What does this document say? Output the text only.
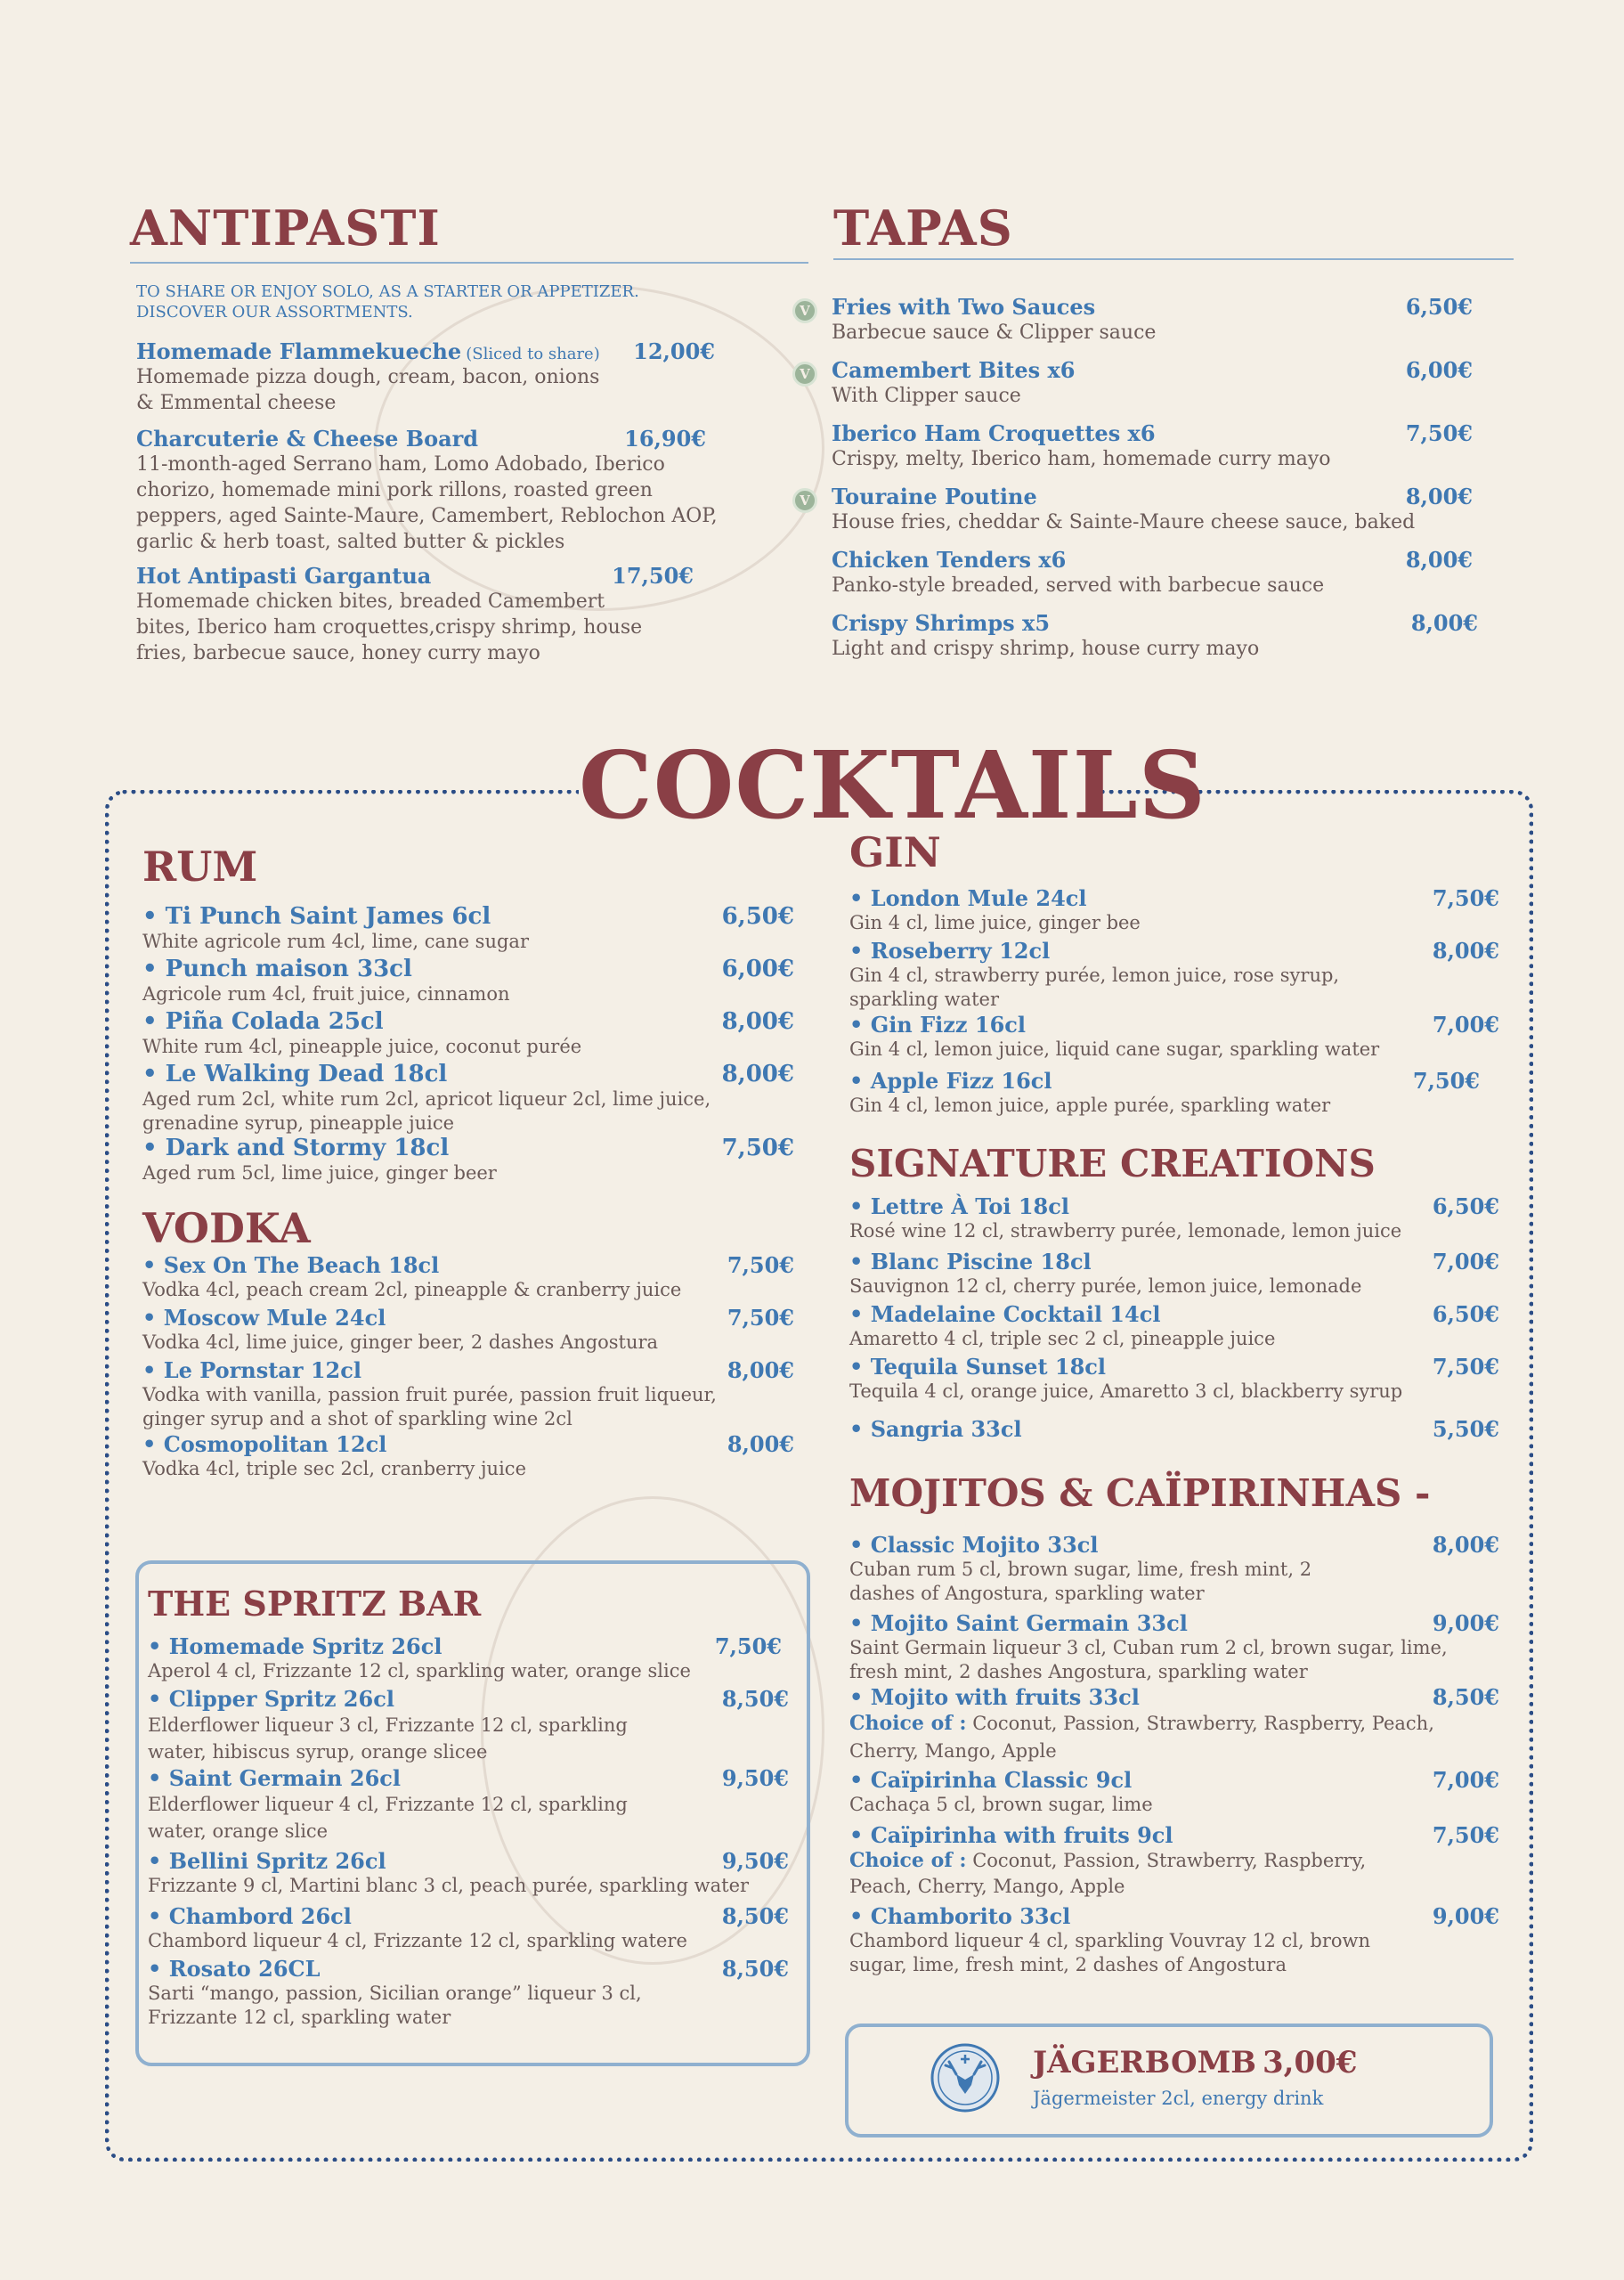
ANTIPASTI
TO SHARE OR ENJOY SOLO, AS A STARTER OR APPETIZER. DISCOVER OUR ASSORTMENTS.
Homemade Flammekueche (Sliced to share) 12,00€
Homemade pizza dough, cream, bacon, onions & Emmental cheese
Charcuterie & Cheese Board	16,90€
11-month-aged Serrano ham, Lomo Adobado, Iberico chorizo, homemade mini pork rillons, roasted green peppers, aged Sainte-Maure, Camembert, Reblochon AOP, garlic & herb toast, salted butter & pickles
Hot Antipasti Gargantua	17,50€
Homemade chicken bites, breaded Camembert bites, Iberico ham croquettes,crispy shrimp, house fries, barbecue sauce, honey curry mayo
TAPAS
V	Fries with Two Sauces	6,50€
Barbecue sauce & Clipper sauce
V	Camembert Bites x6	6,00€
With Clipper sauce
Iberico Ham Croquettes x6	7,50€
Crispy, melty, Iberico ham, homemade curry mayo
V	Touraine Poutine	8,00€
House fries, cheddar & Sainte-Maure cheese sauce, baked
Chicken Tenders x6	8,00€
Panko-style breaded, served with barbecue sauce
Crispy Shrimps x5	8,00€
Light and crispy shrimp, house curry mayo
COCKTAILS
RUM
• Ti Punch Saint James 6cl	6,50€
White agricole rum 4cl, lime, cane sugar
• Punch maison 33cl	6,00€
Agricole rum 4cl, fruit juice, cinnamon
• Piña Colada 25cl	8,00€
White rum 4cl, pineapple juice, coconut purée
• Le Walking Dead 18cl	8,00€
Aged rum 2cl, white rum 2cl, apricot liqueur 2cl, lime juice, grenadine syrup, pineapple juice
• Dark and Stormy 18cl	7,50€
Aged rum 5cl, lime juice, ginger beer
VODKA
• Sex On The Beach 18cl	7,50€
Vodka 4cl, peach cream 2cl, pineapple & cranberry juice
• Moscow Mule 24cl	7,50€
Vodka 4cl, lime juice, ginger beer, 2 dashes Angostura
• Le Pornstar 12cl	8,00€
Vodka with vanilla, passion fruit purée, passion fruit liqueur, ginger syrup and a shot of sparkling wine 2cl
• Cosmopolitan 12cl	8,00€
Vodka 4cl, triple sec 2cl, cranberry juice
THE SPRITZ BAR
• Homemade Spritz 26cl	7,50€
Aperol 4 cl, Frizzante 12 cl, sparkling water, orange slice
• Clipper Spritz 26cl	8,50€
Elderflower liqueur 3 cl, Frizzante 12 cl, sparkling water, hibiscus syrup, orange slicee
• Saint Germain 26cl	9,50€
Elderflower liqueur 4 cl, Frizzante 12 cl, sparkling water, orange slice
• Bellini Spritz 26cl	9,50€
Frizzante 9 cl, Martini blanc 3 cl, peach purée, sparkling water
• Chambord 26cl	8,50€
Chambord liqueur 4 cl, Frizzante 12 cl, sparkling watere
• Rosato 26CL	8,50€
Sarti “mango, passion, Sicilian orange” liqueur 3 cl, Frizzante 12 cl, sparkling water
GIN
• London Mule 24cl	7,50€
Gin 4 cl, lime juice, ginger bee
• Roseberry 12cl	8,00€
Gin 4 cl, strawberry purée, lemon juice, rose syrup, sparkling water
• Gin Fizz 16cl	7,00€
Gin 4 cl, lemon juice, liquid cane sugar, sparkling water
• Apple Fizz 16cl	7,50€
Gin 4 cl, lemon juice, apple purée, sparkling water
SIGNATURE CREATIONS
• Lettre À Toi 18cl	6,50€
Rosé wine 12 cl, strawberry purée, lemonade, lemon juice
• Blanc Piscine 18cl	7,00€
Sauvignon 12 cl, cherry purée, lemon juice, lemonade
• Madelaine Cocktail 14cl	6,50€
Amaretto 4 cl, triple sec 2 cl, pineapple juice
• Tequila Sunset 18cl	7,50€
Tequila 4 cl, orange juice, Amaretto 3 cl, blackberry syrup
• Sangria 33cl	5,50€
MOJITOS & CAÏPIRINHAS -
• Classic Mojito 33cl	8,00€
Cuban rum 5 cl, brown sugar, lime, fresh mint, 2 dashes of Angostura, sparkling water
• Mojito Saint Germain 33cl	9,00€
Saint Germain liqueur 3 cl, Cuban rum 2 cl, brown sugar, lime, fresh mint, 2 dashes Angostura, sparkling water
• Mojito with fruits 33cl	8,50€
Choice of : Coconut, Passion, Strawberry, Raspberry, Peach, Cherry, Mango, Apple
• Caïpirinha Classic 9cl	7,00€
Cachaça 5 cl, brown sugar, lime
• Caïpirinha with fruits 9cl	7,50€
Choice of : Coconut, Passion, Strawberry, Raspberry, Peach, Cherry, Mango, Apple
• Chamborito 33cl	9,00€
Chambord liqueur 4 cl, sparkling Vouvray 12 cl, brown sugar, lime, fresh mint, 2 dashes of Angostura
JÄGERBOMB 3,00€
Jägermeister 2cl, energy drink
